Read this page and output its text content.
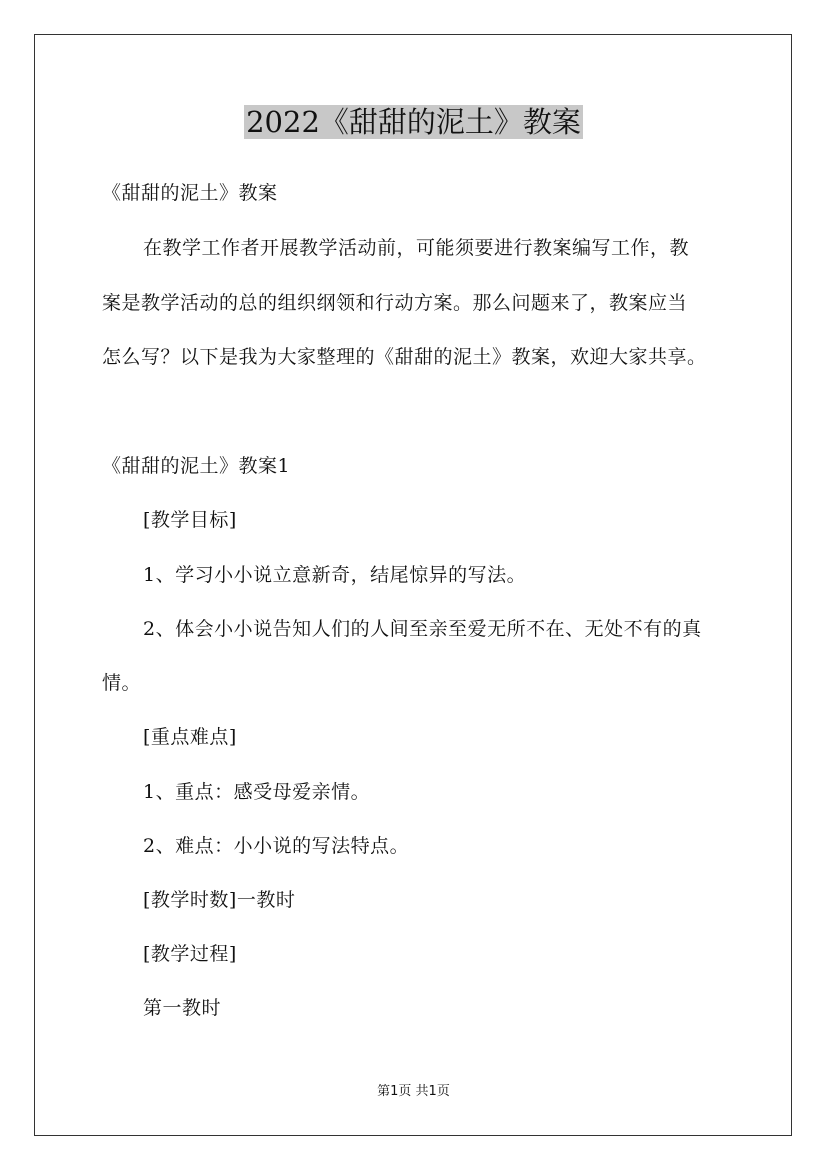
2022《甜甜的泥土》教案
《甜甜的泥土》教案
在教学工作者开展教学活动前，可能须要进行教案编写工作，教
案是教学活动的总的组织纲领和行动方案。那么问题来了，教案应当
怎么写？以下是我为大家整理的《甜甜的泥土》教案，欢迎大家共享。
《甜甜的泥土》教案1
[教学目标]
1、学习小小说立意新奇，结尾惊异的写法。
2、体会小小说告知人们的人间至亲至爱无所不在、无处不有的真
情。
[重点难点]
1、重点：感受母爱亲情。
2、难点：小小说的写法特点。
[教学时数]一教时
[教学过程]
第一教时
第1页 共1页
